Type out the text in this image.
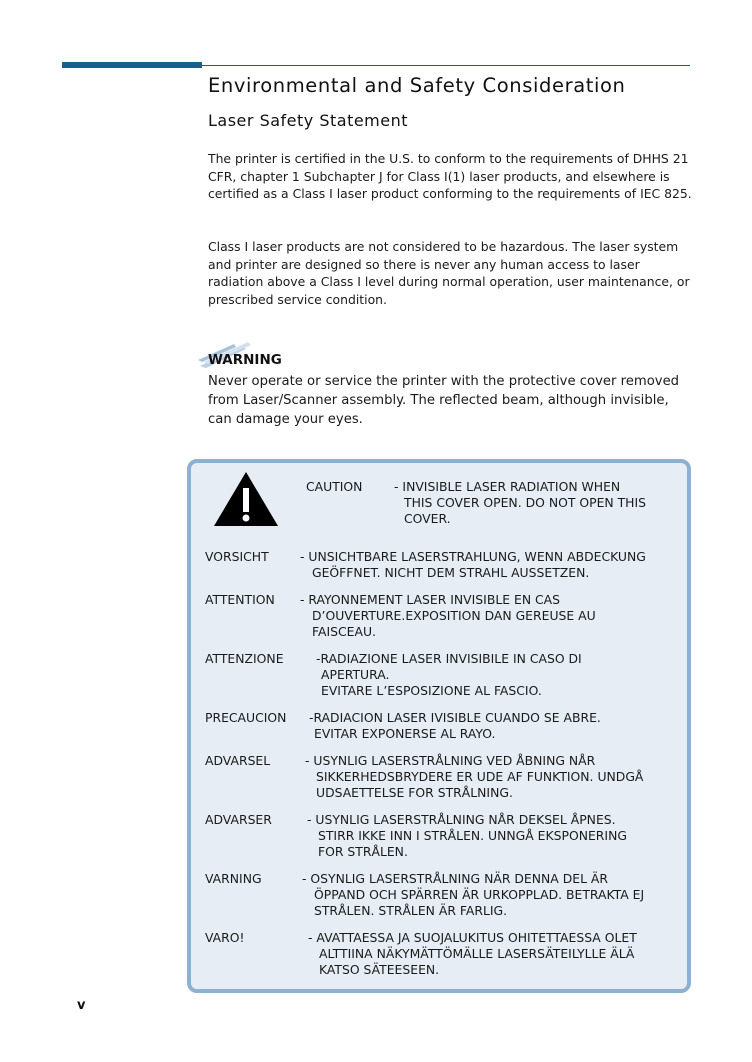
Environmental and Safety Consideration
Laser Safety Statement

The printer is certified in the U.S. to conform to the requirements of DHHS 21 CFR, chapter 1 Subchapter J for Class I(1) laser products, and elsewhere is certified as a Class I laser product conforming to the requirements of IEC 825.

Class I laser products are not considered to be hazardous. The laser system and printer are designed so there is never any human access to laser radiation above a Class I level during normal operation, user maintenance, or prescribed service condition.

WARNING

Never operate or service the printer with the protective cover removed from Laser/Scanner assembly. The reflected beam, although invisible, can damage your eyes.

CAUTION	- INVISIBLE LASER RADIATION WHEN
THIS COVER OPEN. DO NOT OPEN THIS
COVER.
VORSICHT	- UNSICHTBARE LASERSTRAHLUNG, WENN ABDECKUNG
GEÖFFNET. NICHT DEM STRAHL AUSSETZEN.
ATTENTION - RAYONNEMENT LASER INVISIBLE EN CAS
D’OUVERTURE.EXPOSITION DAN GEREUSE AU
FAISCEAU.
ATTENZIONE	-RADIAZIONE LASER INVISIBILE IN CASO DI
APERTURA.
EVITARE L’ESPOSIZIONE AL FASCIO.
PRECAUCION -RADIACION LASER IVISIBLE CUANDO SE ABRE.
EVITAR EXPONERSE AL RAYO.
ADVARSEL	- USYNLIG LASERSTRÅLNING VED ÅBNING NÅR
SIKKERHEDSBRYDERE ER UDE AF FUNKTION. UNDGÅ
UDSAETTELSE FOR STRÅLNING.
ADVARSER	- USYNLIG LASERSTRÅLNING NÅR DEKSEL ÅPNES.
STIRR IKKE INN I STRÅLEN. UNNGÅ EKSPONERING
FOR STRÅLEN.
VARNING	- OSYNLIG LASERSTRÅLNING NÄR DENNA DEL ÄR
ÖPPAND OCH SPÄRREN ÄR URKOPPLAD. BETRAKTA EJ
STRÅLEN. STRÅLEN ÄR FARLIG.
VARO!	- AVATTAESSA JA SUOJALUKITUS OHITETTAESSA OLET
ALTTIINA NÄKYMÄTTÖMÄLLE LASERSÄTEILYLLE ÄLÄ
KATSO SÄTEESEEN.
v
